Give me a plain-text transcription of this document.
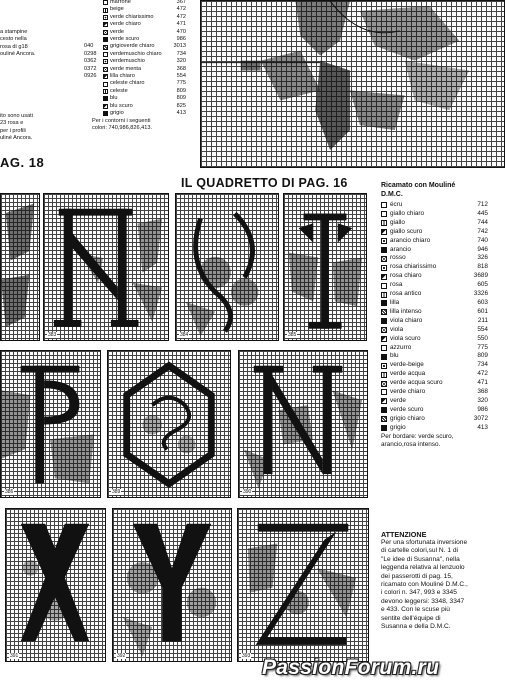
marrone	367
beige	472
verde chiarissimo	472
verde chiaro	471
verde	470
verde scuro	986
040	grigioverde chiaro	3013
0298	verdemuschio chiaro	734
0362	verdemuschio	320
0372	verde menta	368
0926	lilla chiaro	554
celeste chiaro	775
celeste	809
blu	809
blu scuro	825
grigio	413
Per i contorni i seguenti
colori: 740,986,826,413.
a stampine
cesto nella
rosa di g18
ouliné Ancora.
ito sono usati
23 rosa e
per i profili
uliné Ancora.
AG. 18
IL QUADRETTO DI PAG. 16
383	384	385
386	389	390
391	392	393
Ricamato con Mouliné
D.M.C.
écru	712
giallo chiaro	445
giallo	744
giallo scuro	742
arancio chiaro	740
arancio	946
rosso	326
rosa chiarissimo	818
rosa chiaro	3689
rosa	605
rosa antico	3326
lilla	603
lilla intenso	601
viola chiaro	211
viola	554
viola scuro	550
azzurro	775
blu	809
verde-beige	734
verde acqua	472
verde acqua scuro	471
verde chiaro	368
verde	320
verde scuro	986
grigio chiaro	3072
grigio	413
Per bordare: verde scuro,
arancio,rosa intenso.
ATTENZIONE
Per una sfortunata inversione
di cartelle colori,sul N. 1 di
"Le idee di Susanna", nella
leggenda relativa al lenzuolo
dei passerotti di pag. 15,
ricamato con Mouliné D.M.C.,
i colori n. 347, 993 e 3345
devono leggersi: 3348, 3347
e 433. Con le scuse più
sentite dell'équipe di
Susanna e della D.M.C.
PassionForum.ru
